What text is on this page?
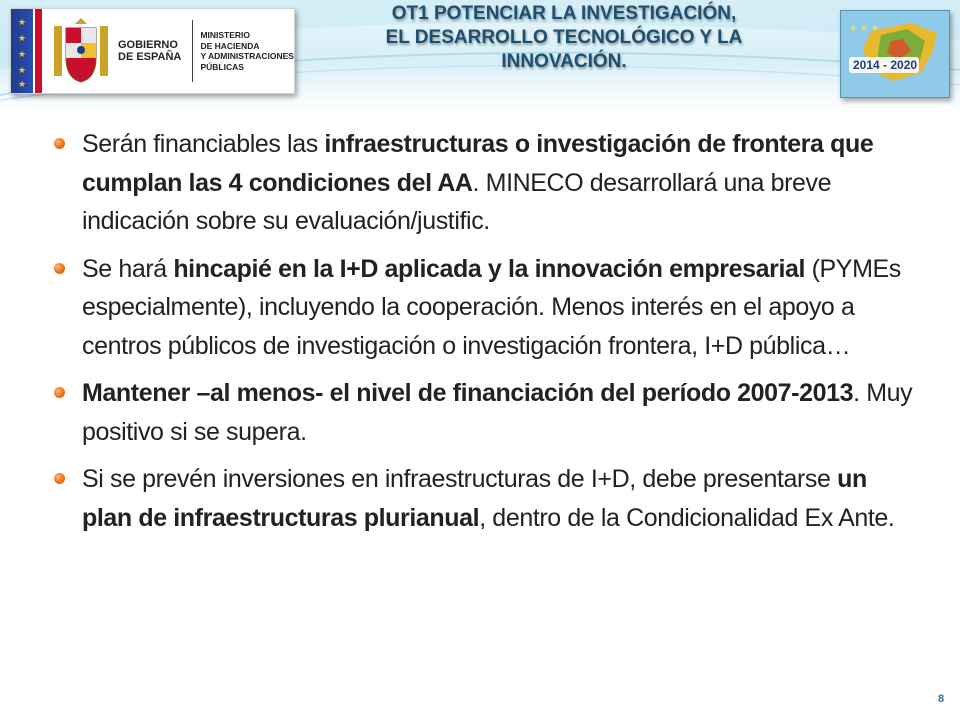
★
★
★
★
★
GOBIERNO
DE ESPAÑA
MINISTERIO
DE HACIENDA
Y ADMINISTRACIONES
PÚBLICAS
OT1 POTENCIAR LA INVESTIGACIÓN,
EL DESARROLLO TECNOLÓGICO Y LA
INNOVACIÓN.
★ ★ ★
2014 - 2020
Serán financiables las infraestructuras o investigación de frontera que cumplan las 4 condiciones del AA. MINECO desarrollará una breve indicación sobre su evaluación/justific.
Se hará hincapié en la I+D aplicada y la innovación empresarial (PYMEs especialmente), incluyendo la cooperación. Menos interés en el apoyo a centros públicos de investigación o investigación frontera, I+D pública…
Mantener –al menos- el nivel de financiación del período 2007-2013. Muy positivo si se supera.
Si se prevén inversiones en infraestructuras de I+D, debe presentarse un plan de infraestructuras plurianual, dentro de la Condicionalidad Ex Ante.
8
